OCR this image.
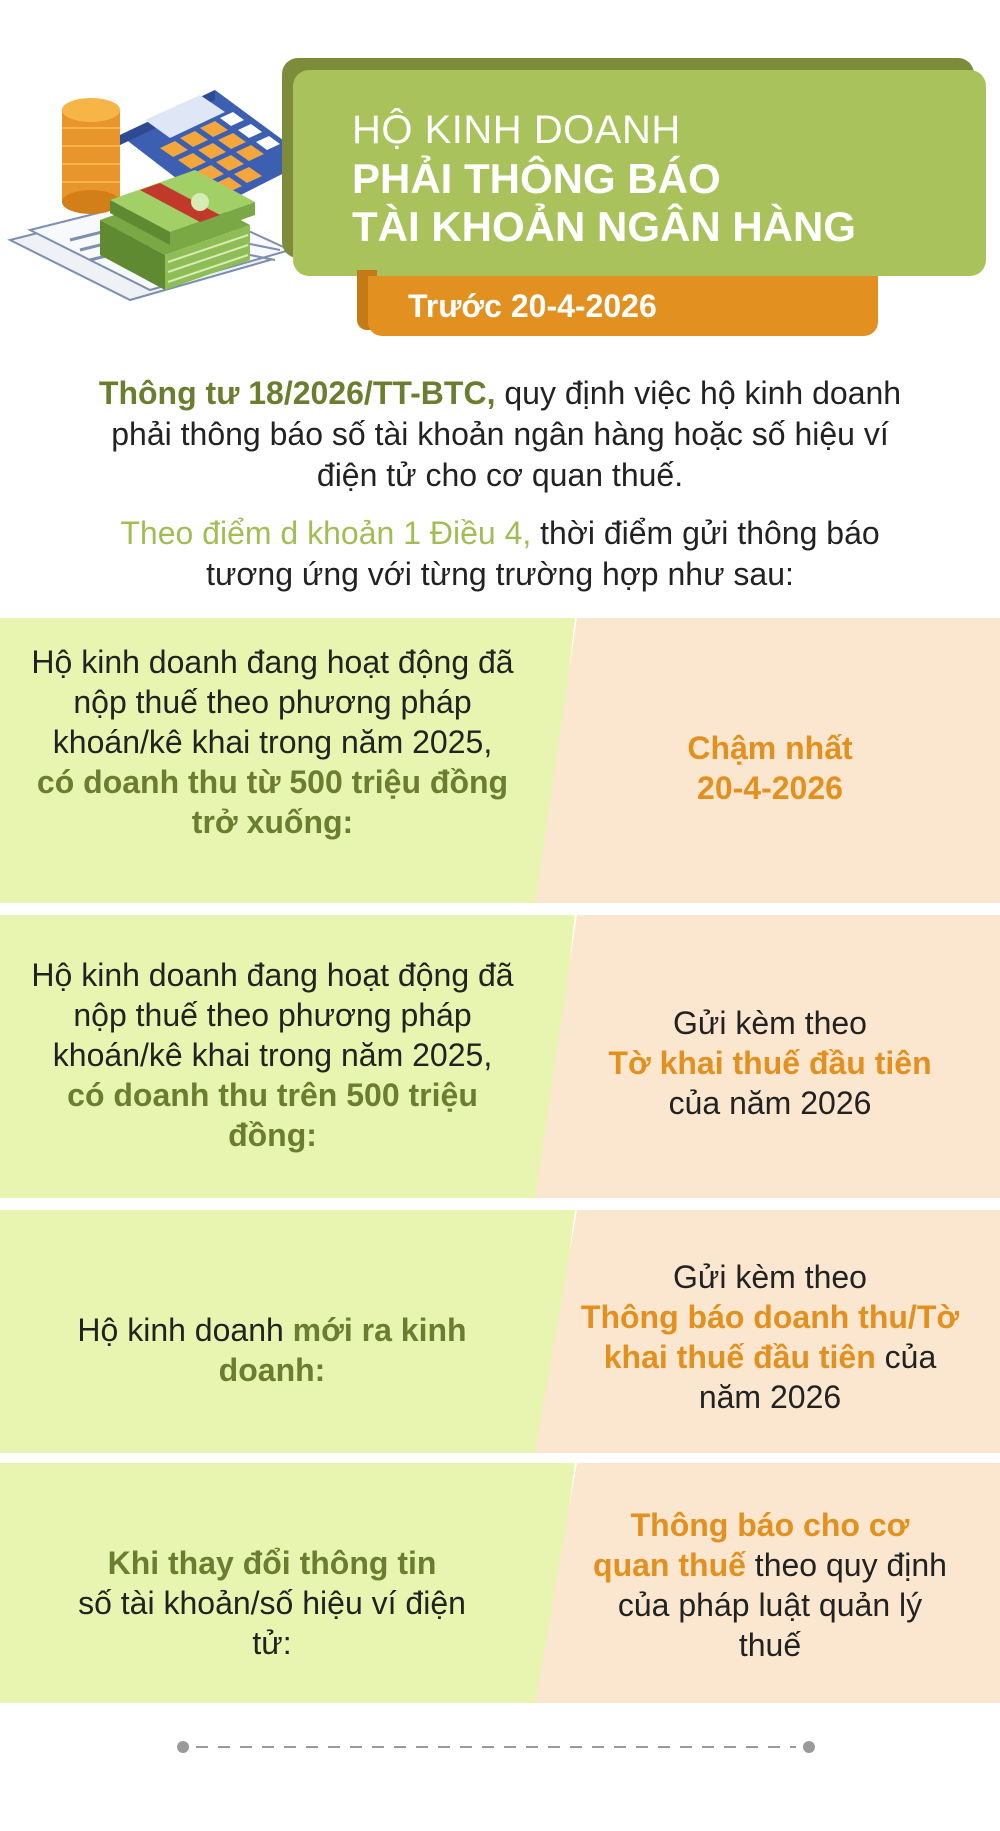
HỘ KINH DOANH
PHẢI THÔNG BÁO
TÀI KHOẢN NGÂN HÀNG
Trước 20-4-2026
Thông tư 18/2026/TT-BTC, quy định việc hộ kinh doanh
phải thông báo số tài khoản ngân hàng hoặc số hiệu ví
điện tử cho cơ quan thuế.
Theo điểm d khoản 1 Điều 4, thời điểm gửi thông báo
tương ứng với từng trường hợp như sau:
Hộ kinh doanh đang hoạt động đã nộp thuế theo phương pháp khoán/kê khai trong năm 2025, có doanh thu từ 500 triệu đồng trở xuống:
Chậm nhất
20-4-2026
Hộ kinh doanh đang hoạt động đã nộp thuế theo phương pháp khoán/kê khai trong năm 2025, có doanh thu trên 500 triệu đồng:
Gửi kèm theo
Tờ khai thuế đầu tiên
của năm 2026
Hộ kinh doanh mới ra kinh doanh:
Gửi kèm theo
Thông báo doanh thu/Tờ khai thuế đầu tiên của năm 2026
Khi thay đổi thông tin
số tài khoản/số hiệu ví điện tử:
Thông báo cho cơ quan thuế theo quy định của pháp luật quản lý thuế
